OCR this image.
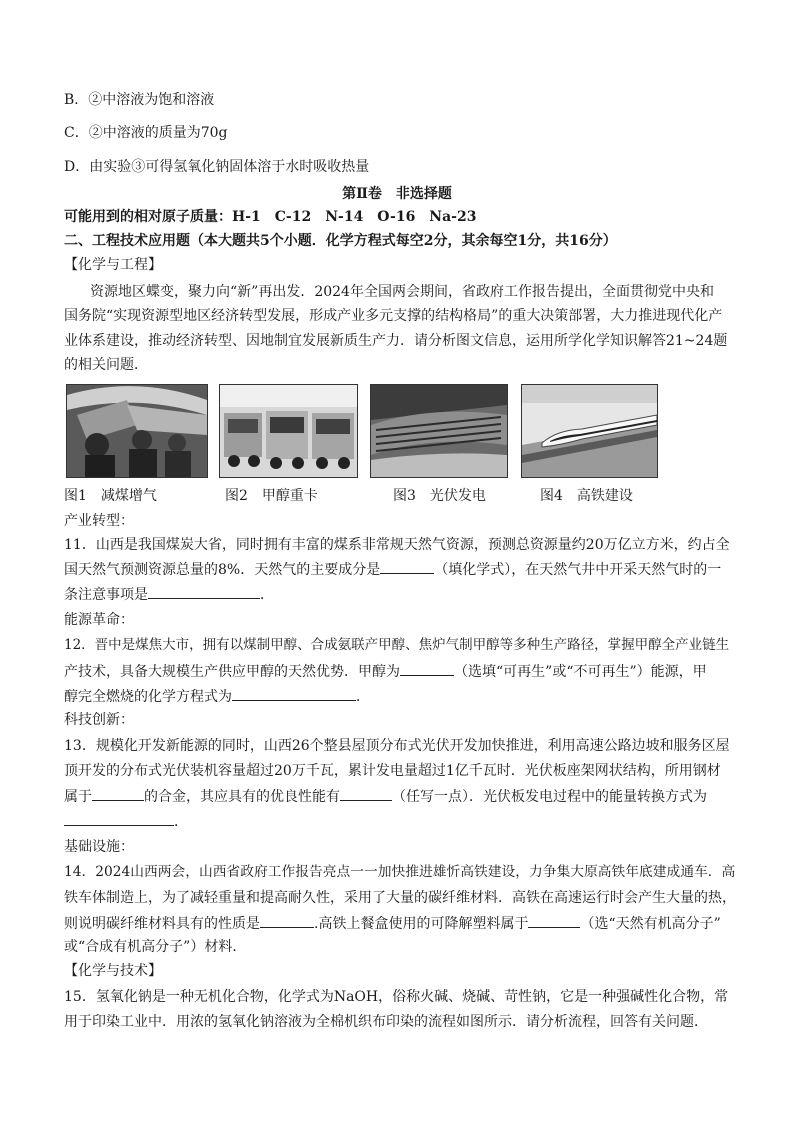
B．②中溶液为饱和溶液
C．②中溶液的质量为70g
D．由实验③可得氢氧化钠固体溶于水时吸收热量
第Ⅱ卷　非选择题
可能用到的相对原子质量：H-1　C-12　N-14　O-16　Na-23
二、工程技术应用题（本大题共5个小题．化学方程式每空2分，其余每空1分，共16分）
【化学与工程】
资源地区蝶变，聚力向“新”再出发．2024年全国两会期间，省政府工作报告提出，全面贯彻党中央和
国务院“实现资源型地区经济转型发展，形成产业多元支撑的结构格局”的重大决策部署，大力推进现代化产
业体系建设，推动经济转型、因地制宜发展新质生产力．请分析图文信息，运用所学化学知识解答21~24题
的相关问题．
图1　减煤增气	图2　甲醇重卡	图3　光伏发电	图4　高铁建设
产业转型：
11．山西是我国煤炭大省，同时拥有丰富的煤系非常规天然气资源，预测总资源量约20万亿立方米，约占全
国天然气预测资源总量的8%．天然气的主要成分是	（填化学式），在天然气井中开采天然气时的一
条注意事项是	．
能源革命：
12．晋中是煤焦大市，拥有以煤制甲醇、合成氨联产甲醇、焦炉气制甲醇等多种生产路径，掌握甲醇全产业链生
产技术，具备大规模生产供应甲醇的天然优势．甲醇为	（选填“可再生”或“不可再生”）能源，甲
醇完全燃烧的化学方程式为	．
科技创新：
13．规模化开发新能源的同时，山西26个整县屋顶分布式光伏开发加快推进，利用高速公路边坡和服务区屋
顶开发的分布式光伏装机容量超过20万千瓦，累计发电量超过1亿千瓦时．光伏板座架网状结构，所用钢材
属于	的合金，其应具有的优良性能有	（任写一点）．光伏板发电过程中的能量转换方式为
．
基础设施：
14．2024山西两会，山西省政府工作报告亮点一一加快推进雄忻高铁建设，力争集大原高铁年底建成通车．高
铁车体制造上，为了减轻重量和提高耐久性，采用了大量的碳纤维材料．高铁在高速运行时会产生大量的热，
则说明碳纤维材料具有的性质是	.高铁上餐盒使用的可降解塑料属于	（选“天然有机高分子”
或“合成有机高分子”）材料．
【化学与技术】
15．氢氧化钠是一种无机化合物，化学式为NaOH，俗称火碱、烧碱、苛性钠，它是一种强碱性化合物，常
用于印染工业中．用浓的氢氧化钠溶液为全棉机织布印染的流程如图所示．请分析流程，回答有关问题．
